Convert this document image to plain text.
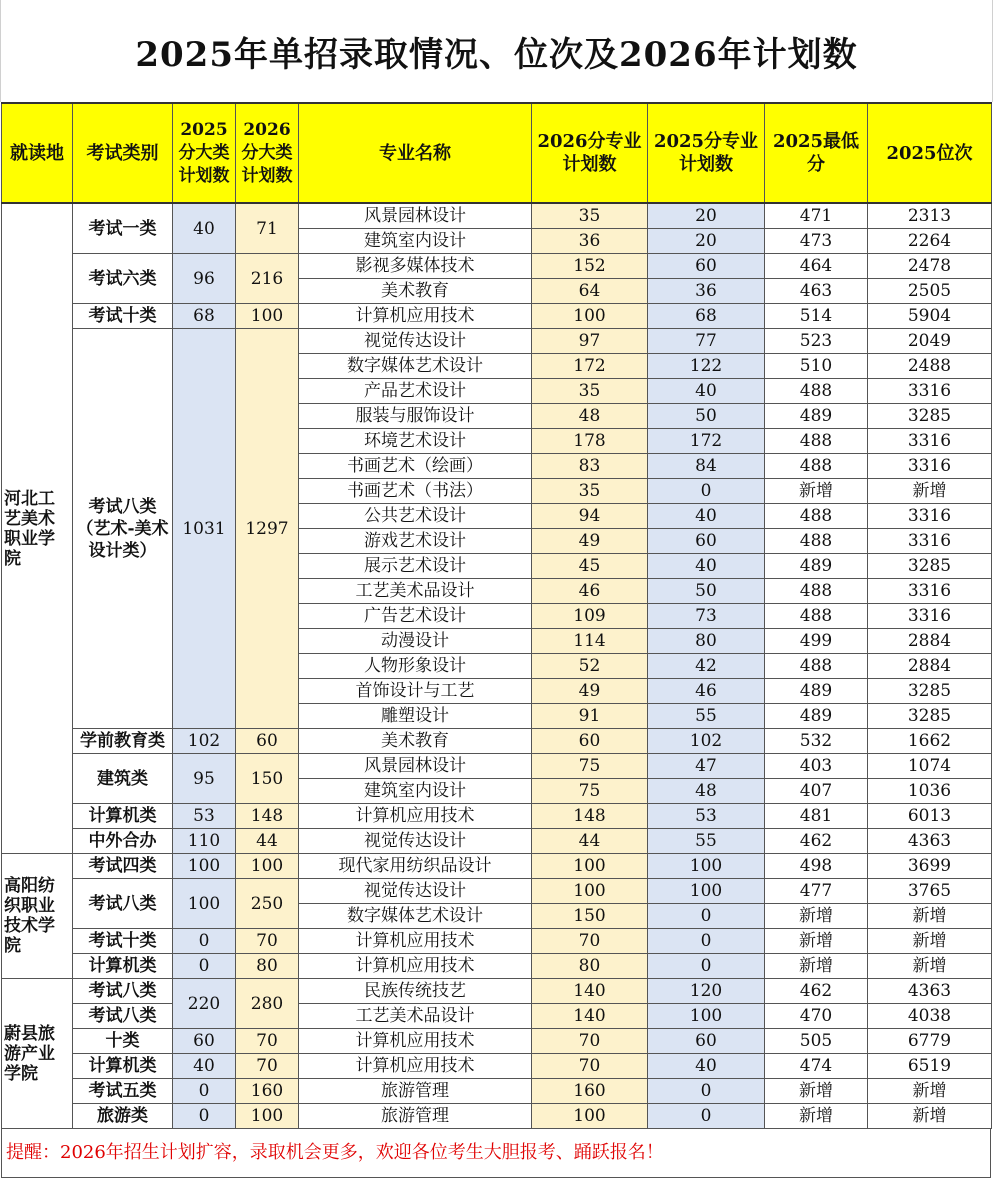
2025年单招录取情况、位次及2026年计划数
就读地	考试类别	2025分大类计划数	2026分大类计划数	专业名称	2026分专业计划数	2025分专业计划数	2025最低分	2025位次
河北工艺美术职业学院	考试一类	40	71	风景园林设计	35	20	471	2313
				建筑室内设计	36	20	473	2264
	考试六类	96	216	影视多媒体技术	152	60	464	2478
				美术教育	64	36	463	2505
	考试十类	68	100	计算机应用技术	100	68	514	5904
	考试八类（艺术-美术设计类）	1031	1297	视觉传达设计	97	77	523	2049
				数字媒体艺术设计	172	122	510	2488
				产品艺术设计	35	40	488	3316
				服装与服饰设计	48	50	489	3285
				环境艺术设计	178	172	488	3316
				书画艺术（绘画）	83	84	488	3316
				书画艺术（书法）	35	0	新增	新增
				公共艺术设计	94	40	488	3316
				游戏艺术设计	49	60	488	3316
				展示艺术设计	45	40	489	3285
				工艺美术品设计	46	50	488	3316
				广告艺术设计	109	73	488	3316
				动漫设计	114	80	499	2884
				人物形象设计	52	42	488	2884
				首饰设计与工艺	49	46	489	3285
				雕塑设计	91	55	489	3285
	学前教育类	102	60	美术教育	60	102	532	1662
	建筑类	95	150	风景园林设计	75	47	403	1074
				建筑室内设计	75	48	407	1036
	计算机类	53	148	计算机应用技术	148	53	481	6013
	中外合办	110	44	视觉传达设计	44	55	462	4363
高阳纺织职业技术学院	考试四类	100	100	现代家用纺织品设计	100	100	498	3699
	考试八类	100	250	视觉传达设计	100	100	477	3765
				数字媒体艺术设计	150	0	新增	新增
	考试十类	0	70	计算机应用技术	70	0	新增	新增
	计算机类	0	80	计算机应用技术	80	0	新增	新增
蔚县旅游产业学院	考试八类	220	280	民族传统技艺	140	120	462	4363
	考试八类			工艺美术品设计	140	100	470	4038
	十类	60	70	计算机应用技术	70	60	505	6779
	计算机类	40	70	计算机应用技术	70	40	474	6519
	考试五类	0	160	旅游管理	160	0	新增	新增
	旅游类	0	100	旅游管理	100	0	新增	新增
提醒：2026年招生计划扩容，录取机会更多，欢迎各位考生大胆报考、踊跃报名！
